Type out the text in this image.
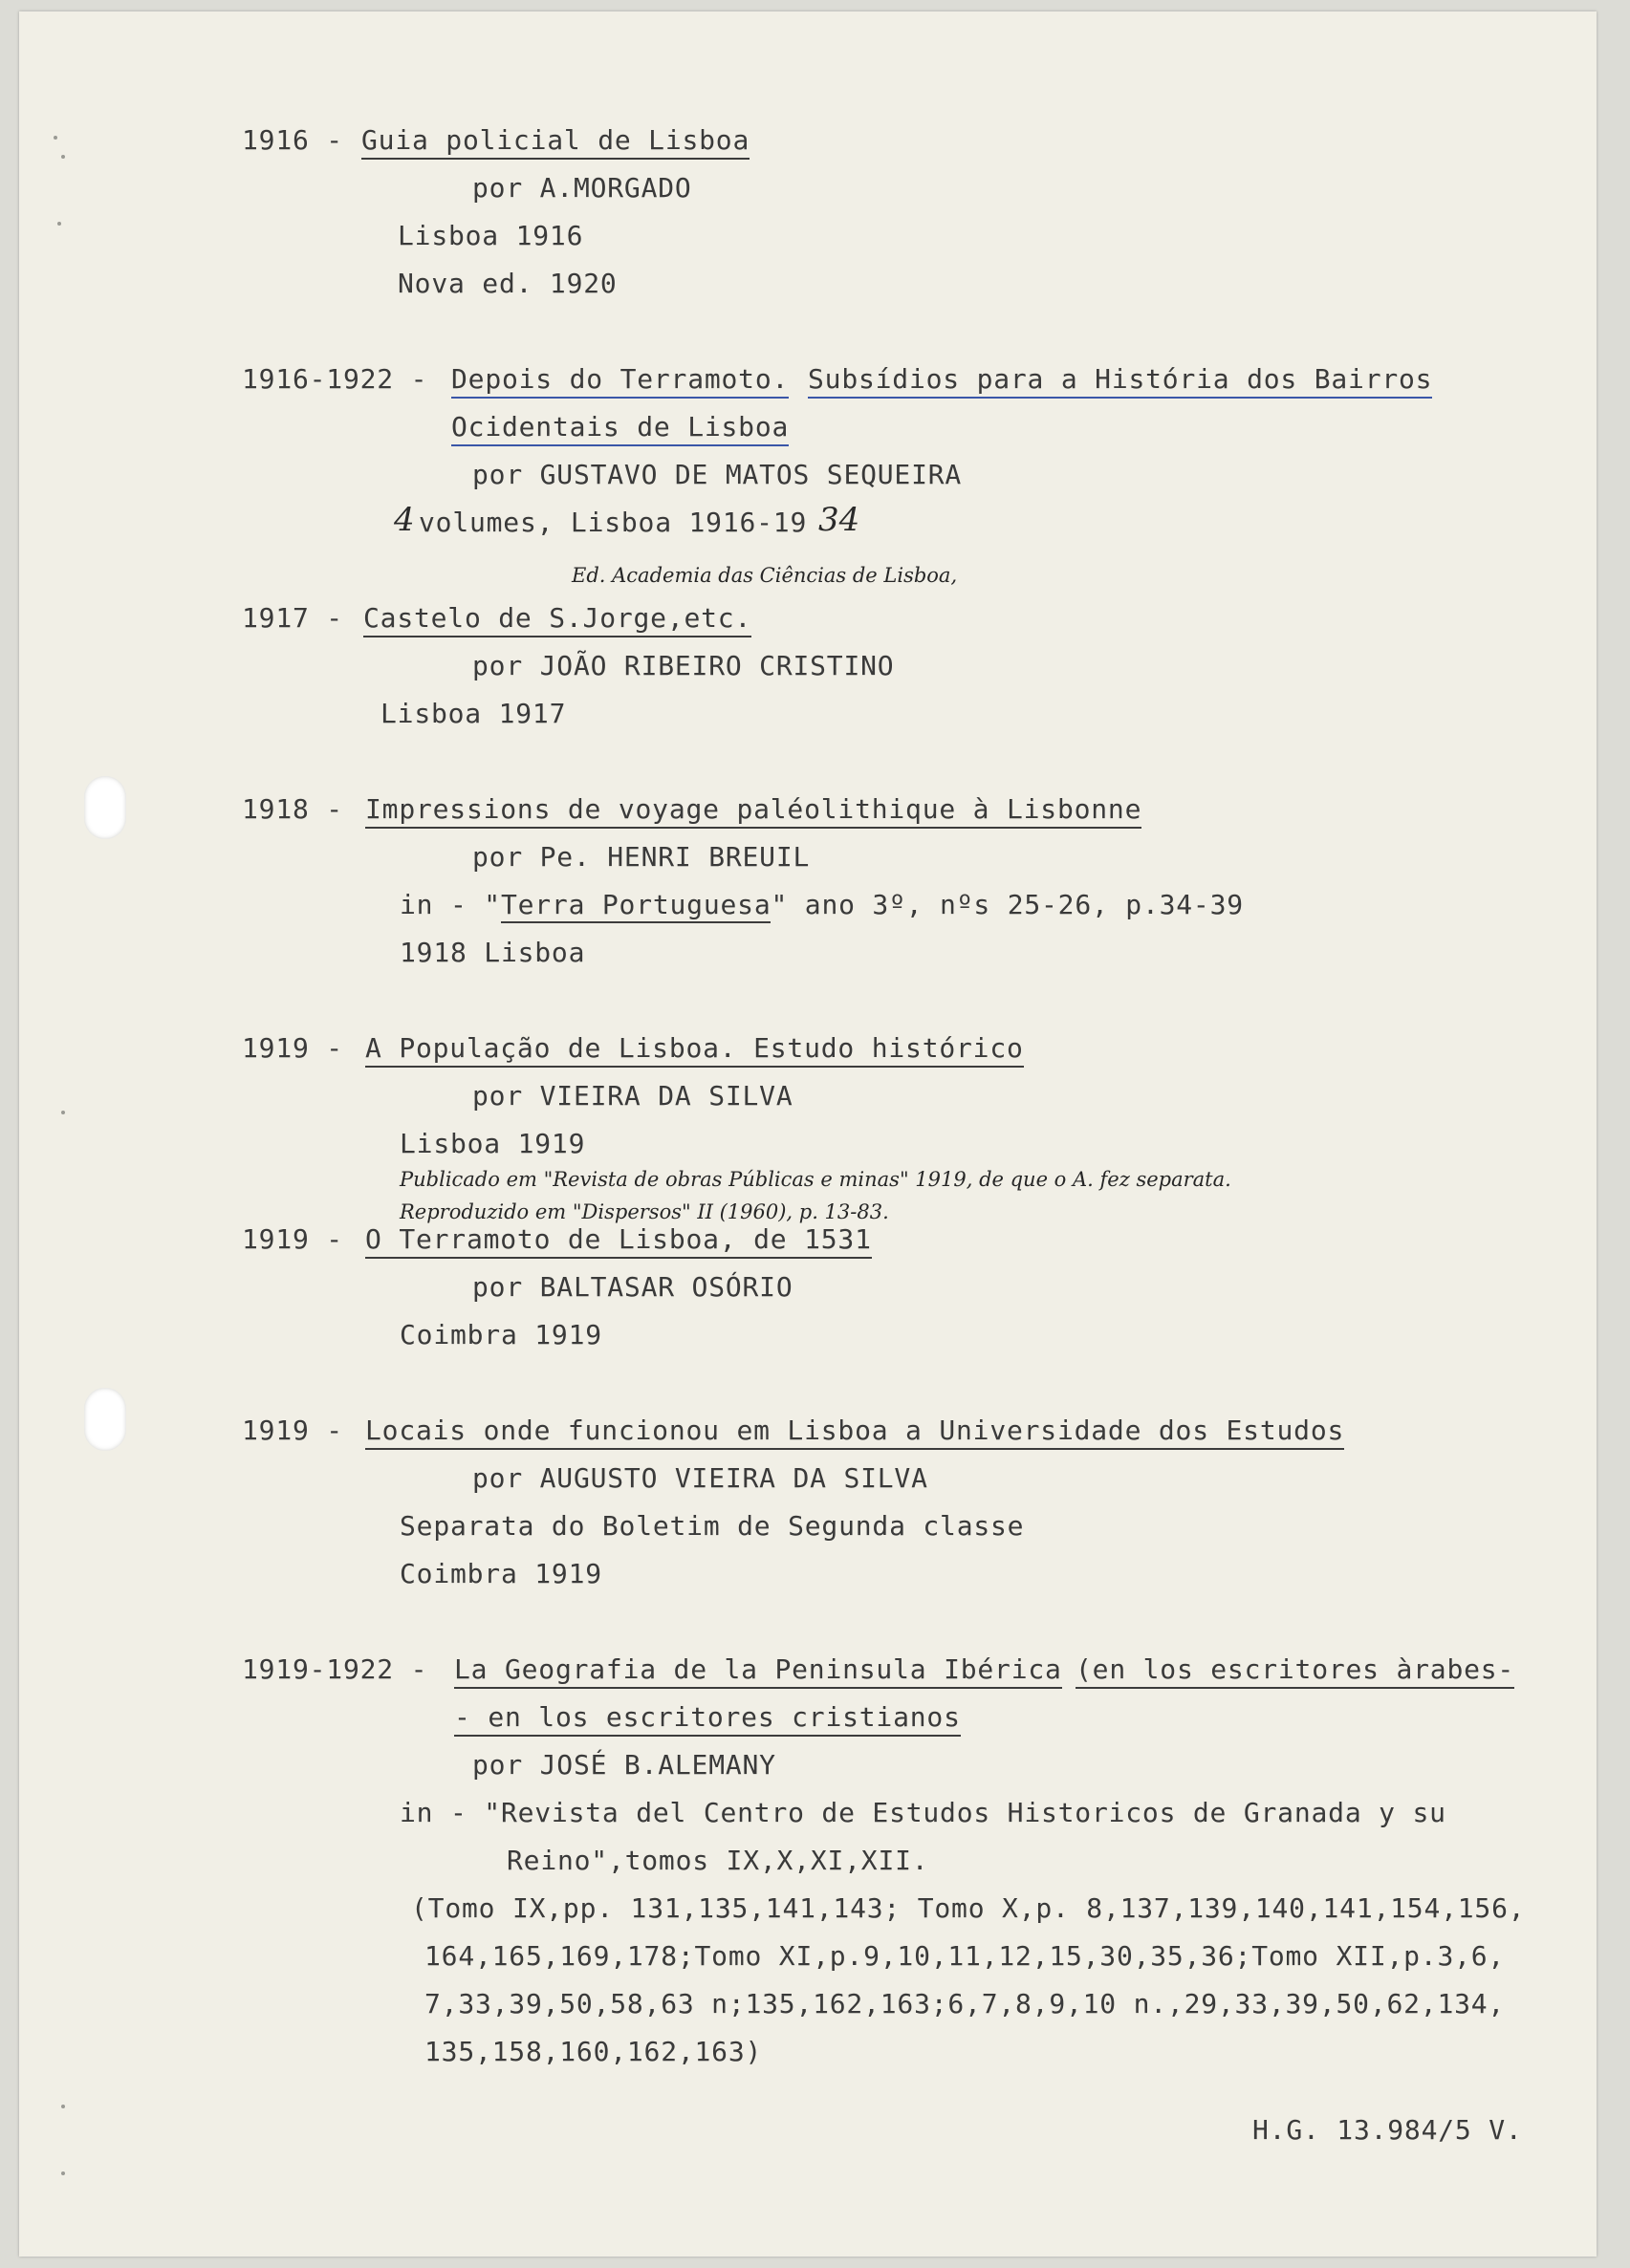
1916 - Guia policial de Lisboa
por A.MORGADO
Lisboa 1916
Nova ed. 1920
1916-1922 - Depois do Terramoto. Subsídios para a História dos Bairros
Ocidentais de Lisboa
por GUSTAVO DE MATOS SEQUEIRA
4 volumes, Lisboa 1916-19 34
Ed. Academia das Ciências de Lisboa,
1917 - Castelo de S.Jorge,etc.
por JOÃO RIBEIRO CRISTINO
Lisboa 1917
1918 - Impressions de voyage paléolithique à Lisbonne
por Pe. HENRI BREUIL
in - "Terra Portuguesa" ano 3º, nºs 25-26, p.34-39
1918 Lisboa
1919 - A População de Lisboa. Estudo histórico
por VIEIRA DA SILVA
Lisboa 1919
Publicado em "Revista de obras Públicas e minas" 1919, de que o A. fez separata.
Reproduzido em "Dispersos" II (1960), p. 13-83.
1919 - O Terramoto de Lisboa, de 1531
por BALTASAR OSÓRIO
Coimbra 1919
1919 - Locais onde funcionou em Lisboa a Universidade dos Estudos
por AUGUSTO VIEIRA DA SILVA
Separata do Boletim de Segunda classe
Coimbra 1919
1919-1922 - La Geografia de la Peninsula Ibérica (en los escritores àrabes-
- en los escritores cristianos
por JOSÉ B.ALEMANY
in - "Revista del Centro de Estudos Historicos de Granada y su
Reino",tomos IX,X,XI,XII.
(Tomo IX,pp. 131,135,141,143; Tomo X,p. 8,137,139,140,141,154,156,
164,165,169,178;Tomo XI,p.9,10,11,12,15,30,35,36;Tomo XII,p.3,6,
7,33,39,50,58,63 n;135,162,163;6,7,8,9,10 n.,29,33,39,50,62,134,
135,158,160,162,163)
H.G. 13.984/5 V.
